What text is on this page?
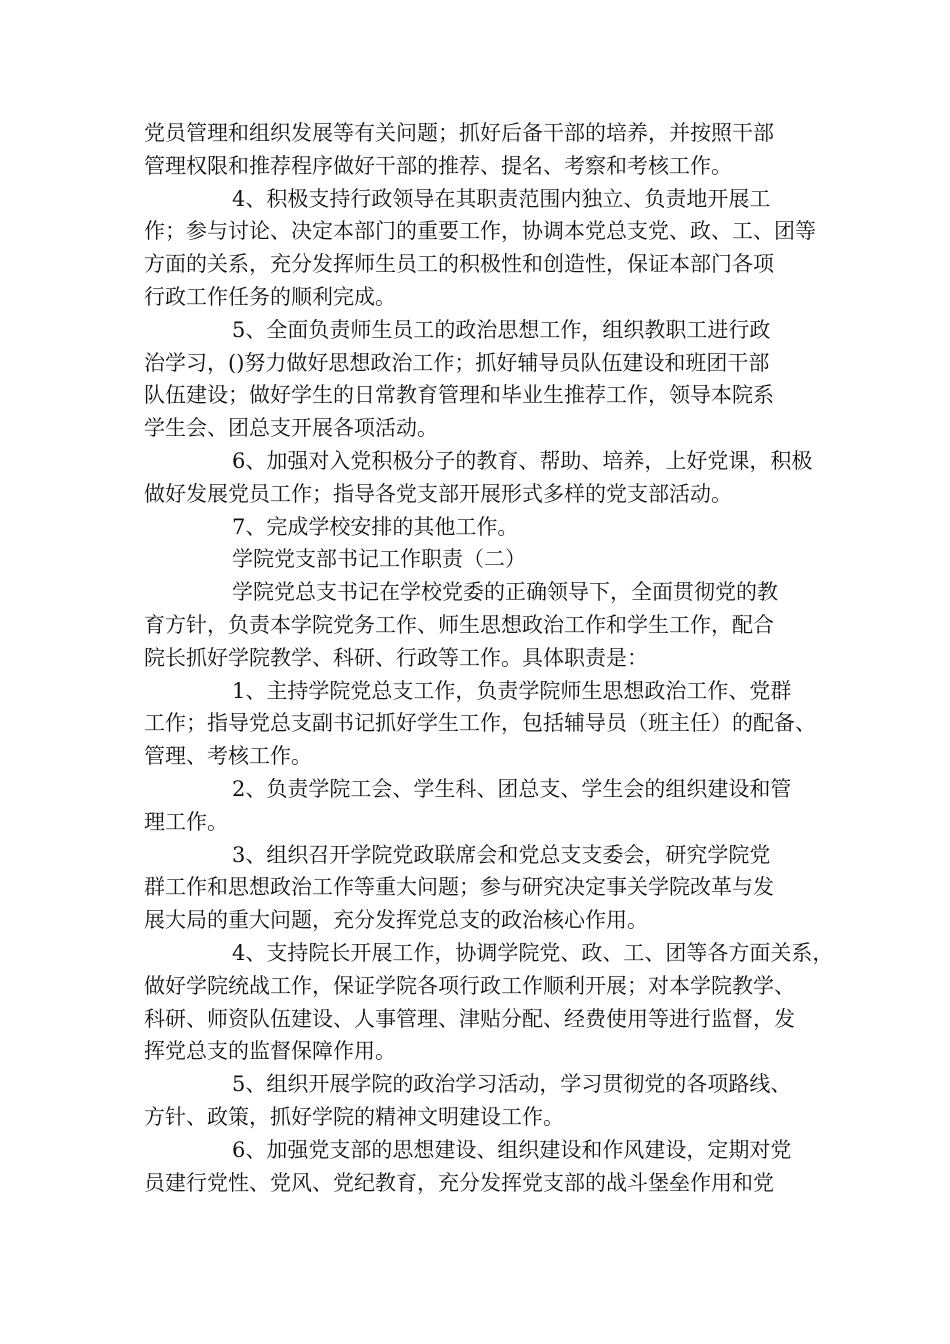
党员管理和组织发展等有关问题；抓好后备干部的培养，并按照干部
管理权限和推荐程序做好干部的推荐、提名、考察和考核工作。
4、积极支持行政领导在其职责范围内独立、负责地开展工
作；参与讨论、决定本部门的重要工作，协调本党总支党、政、工、团等
方面的关系，充分发挥师生员工的积极性和创造性，保证本部门各项
行政工作任务的顺利完成。
5、全面负责师生员工的政治思想工作，组织教职工进行政
治学习，()努力做好思想政治工作；抓好辅导员队伍建设和班团干部
队伍建设；做好学生的日常教育管理和毕业生推荐工作，领导本院系
学生会、团总支开展各项活动。
6、加强对入党积极分子的教育、帮助、培养，上好党课，积极
做好发展党员工作；指导各党支部开展形式多样的党支部活动。
7、完成学校安排的其他工作。
学院党支部书记工作职责（二）
学院党总支书记在学校党委的正确领导下，全面贯彻党的教
育方针，负责本学院党务工作、师生思想政治工作和学生工作，配合
院长抓好学院教学、科研、行政等工作。具体职责是：
1、主持学院党总支工作，负责学院师生思想政治工作、党群
工作；指导党总支副书记抓好学生工作，包括辅导员（班主任）的配备、
管理、考核工作。
2、负责学院工会、学生科、团总支、学生会的组织建设和管
理工作。
3、组织召开学院党政联席会和党总支支委会，研究学院党
群工作和思想政治工作等重大问题；参与研究决定事关学院改革与发
展大局的重大问题，充分发挥党总支的政治核心作用。
4、支持院长开展工作，协调学院党、政、工、团等各方面关系，
做好学院统战工作，保证学院各项行政工作顺利开展；对本学院教学、
科研、师资队伍建设、人事管理、津贴分配、经费使用等进行监督，发
挥党总支的监督保障作用。
5、组织开展学院的政治学习活动，学习贯彻党的各项路线、
方针、政策，抓好学院的精神文明建设工作。
6、加强党支部的思想建设、组织建设和作风建设，定期对党
员建行党性、党风、党纪教育，充分发挥党支部的战斗堡垒作用和党
